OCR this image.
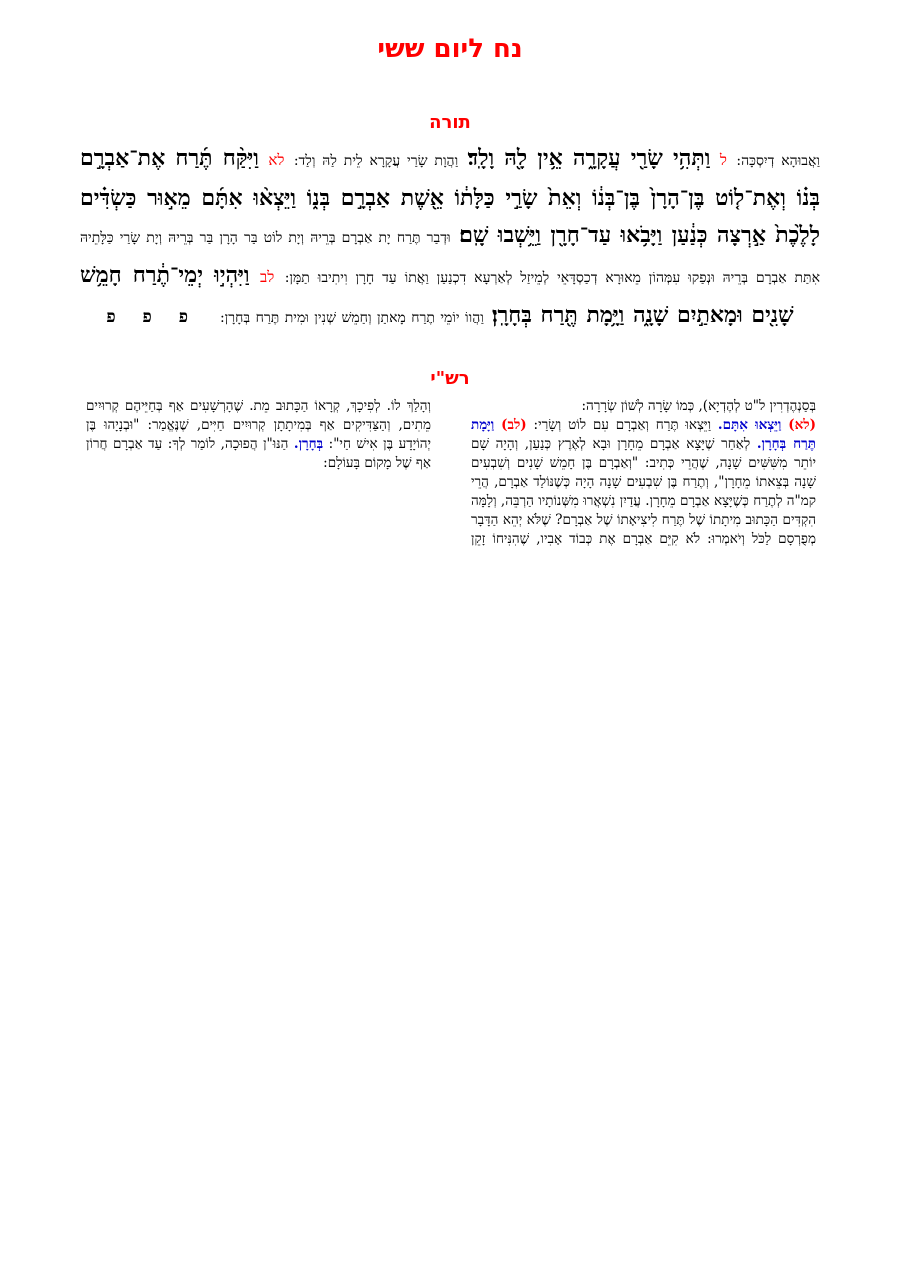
נח ליום ששי
תורה
וַאֲבוּהָא דְיִסְכָּה: ל וַתְּהִ֥י שָׂרַ֖י עֲקָרָ֑ה אֵ֥ין לָ֖הּ וָלָֽד׃ וַהֲוָת שָׂרַי עֲקָרָא לֵית לַהּ וְלַד: לא וַיִּקַּ֨ח תֶּ֜רַח אֶת־אַבְרָ֣ם בְּנ֗וֹ וְאֶת־ל֤וֹט בֶּן־הָרָן֙ בֶּן־בְּנ֔וֹ וְאֵת֙ שָׂרַ֣י כַּלָּת֔וֹ אֵ֖שֶׁת אַבְרָ֣ם בְּנ֑וֹ וַיֵּצְא֨וּ אִתָּ֜ם מֵא֣וּר כַּשְׂדִּ֗ים לָלֶ֙כֶת֙ אַ֣רְצָה כְּנַ֔עַן וַיָּבֹ֥אוּ עַד־חָרָ֖ן וַיֵּ֥שְׁבוּ שָֽׁם׃ וּדְבַר תֶּרַח יָת אַבְרָם בְּרֵיהּ וְיָת לוֹט בַּר הָרָן בַּר בְּרֵיהּ וְיָת שָׂרַי כַּלָּתֵיהּ אִתַּת אַבְרָם בְּרֵיהּ וּנְפַקוּ עִמְּהוֹן מֵאוּרָא דְכַסְדָּאֵי לְמֵיזַל לְאַרְעָא דִכְנַעַן וַאֲתוֹ עַד חָרָן וִיתִיבוּ תַמָּן: לב וַיִּהְי֣וּ יְמֵי־תֶ֔רַח חָמֵ֥שׁ שָׁנִ֖ים וּמָאתַ֣יִם שָׁנָ֑ה וַיָּ֥מָת תֶּ֖רַח בְּחָרָֽן׃ וַהֲווֹ יוֹמֵי תֶרַח מָאתַן וְחַמֵשׁ שְׁנִין וּמִית תֶּרַח בְּחָרָן: פ פ פ
רש"י
בְּסַנְהֶדְרִין ל"ט לְהֶדְיָא), כְּמוֹ שָׂרָה לְשׁוֹן שְׂרָרָה:
(לא) וַיֵּצְאוּ אִתָּם. וַיֵּצְאוּ תֶּרַח וְאַבְרָם עִם לוֹט וְשָׂרַי: (לב) וַיָּמָת תֶּרַח בְּחָרָן. לְאַחַר שֶׁיָּצָא אַבְרָם מֵחָרָן וּבָא לְאֶרֶץ כְּנַעַן, וְהָיָה שָׁם יוֹתֵר מִשִּׁשִּׁים שָׁנָה, שֶׁהֲרֵי כְּתִיב: "וְאַבְרָם בֶּן חָמֵשׁ שָׁנִים וְשִׁבְעִים שָׁנָה בְּצֵאתוֹ מֵחָרָן", וְתֶרַח בֶּן שִׁבְעִים שָׁנָה הָיָה כְּשֶׁנּוֹלַד אַבְרָם, הֲרֵי קמ"ה לְתֶרַח כְּשֶׁיָּצָא אַבְרָם מֵחָרָן. עֲדַיִן נִשְׁאֲרוּ מִשְּׁנוֹתָיו הַרְבֵּה, וְלָמָּה הִקְדִּים הַכָּתוּב מִיתָתוֹ שֶׁל תֶּרַח לִיצִיאָתוֹ שֶׁל אַבְרָם? שֶׁלֹּא יְהֵא הַדָּבָר מְפֻרְסָם לַכֹּל וְיֹאמְרוּ: לֹא קִיֵּם אַבְרָם אֶת כְּבוֹד אָבִיו, שֶׁהִנִּיחוֹ זָקֵן וְהָלַךְ לוֹ. לְפִיכָךְ, קְרָאוֹ הַכָּתוּב מֵת. שֶׁהָרְשָׁעִים אַף בְּחַיֵּיהֶם קְרוּיִים מֵתִים, וְהַצַּדִּיקִים אַף בְּמִיתָתָן קְרוּיִים חַיִּים, שֶׁנֶּאֱמַר: "וּבְנָיָהוּ בֶּן יְהוֹיָדָע בֶּן אִישׁ חַי": בְּחָרָן. הַנּוּ"ן הֲפוּכָה, לוֹמַר לְךָ: עַד אַבְרָם חֲרוֹן אַף שֶׁל מָקוֹם בָּעוֹלָם:
